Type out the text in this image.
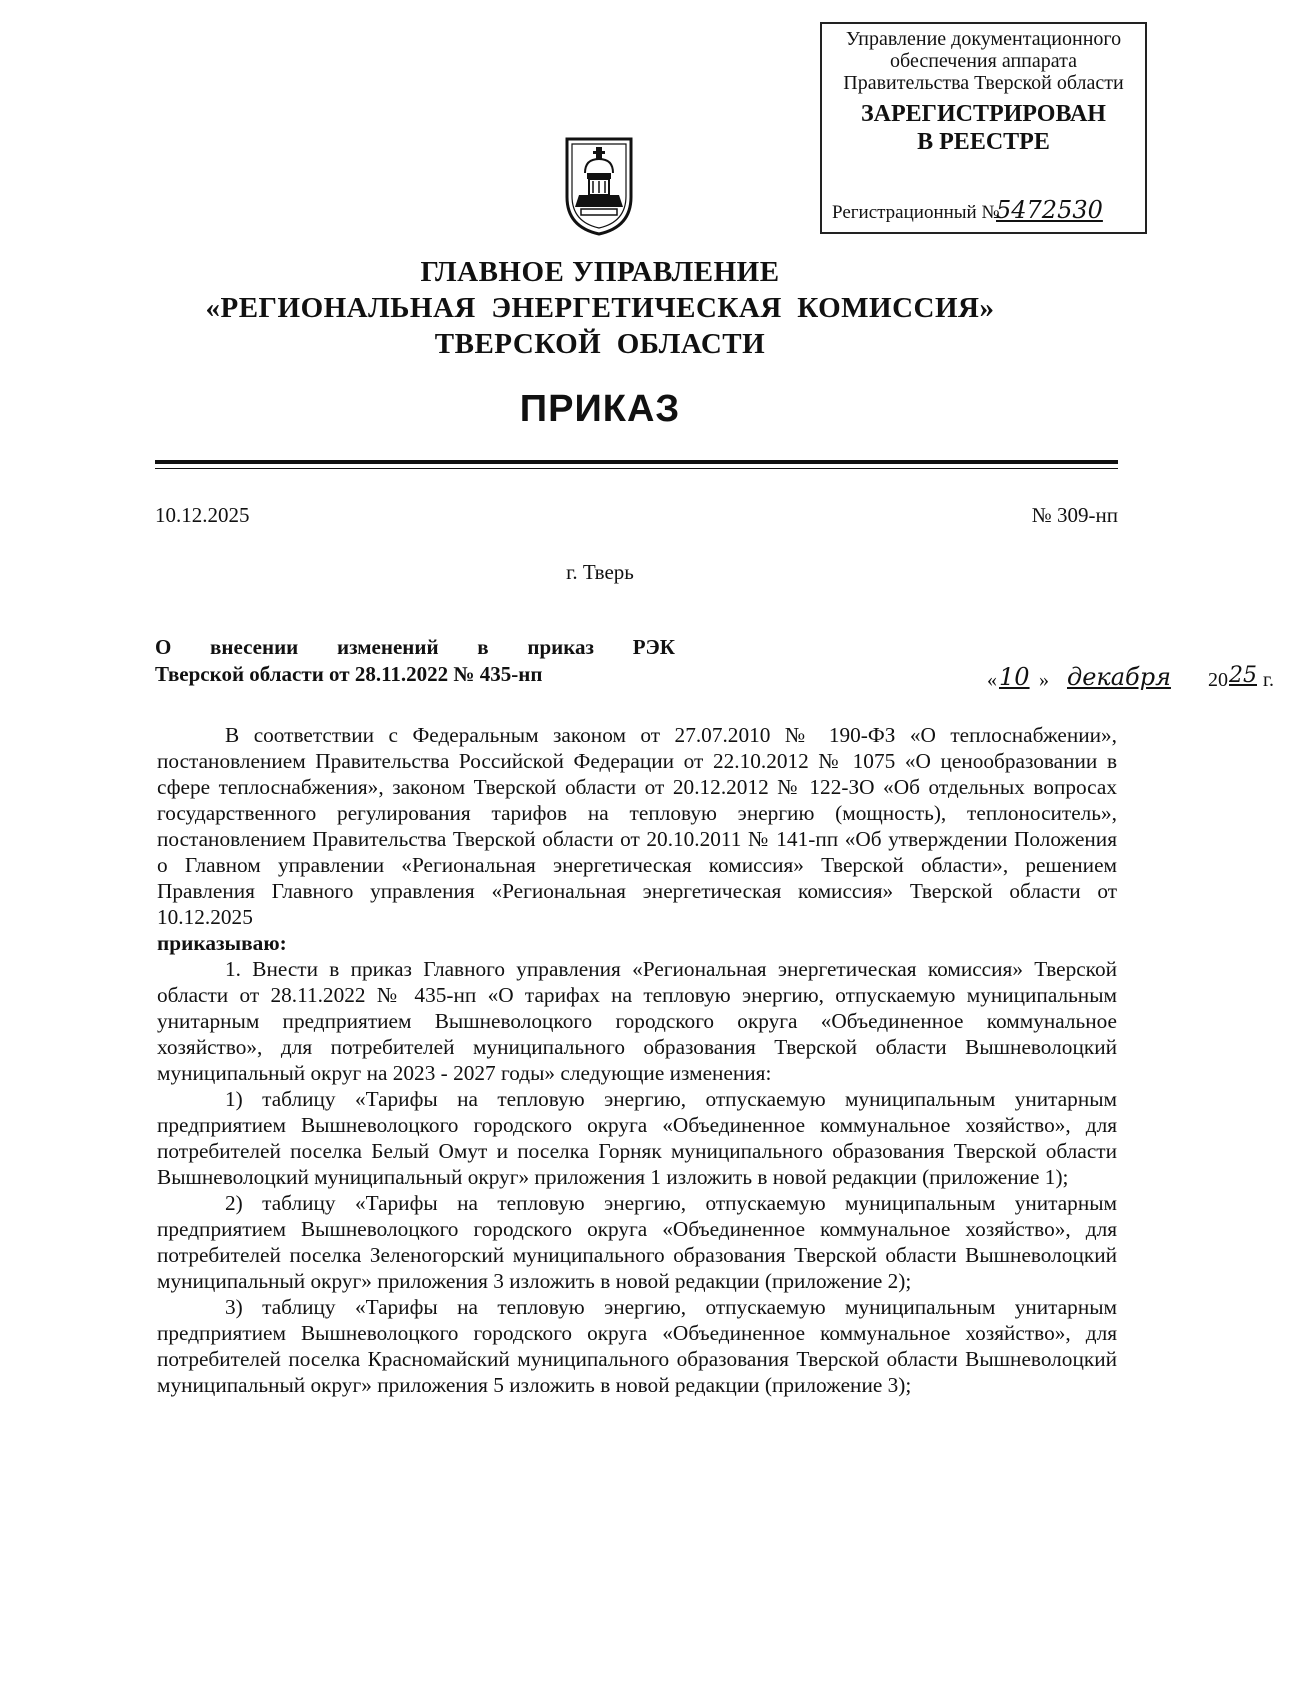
Управление документационного
обеспечения аппарата
Правительства Тверской области
ЗАРЕГИСТРИРОВАН
В РЕЕСТРЕ
« 10 » декабря 20 25 г.
Регистрационный №
5472530
ГЛАВНОЕ УПРАВЛЕНИЕ
«РЕГИОНАЛЬНАЯ  ЭНЕРГЕТИЧЕСКАЯ  КОМИССИЯ»
ТВЕРСКОЙ  ОБЛАСТИ
ПРИКАЗ
10.12.2025	№ 309-нп
г. Тверь
О внесении изменений в приказ РЭК
Тверской области от 28.11.2022 № 435-нп

В соответствии с Федеральным законом от 27.07.2010 № 190-ФЗ «О теплоснабжении», постановлением Правительства Российской Федерации от 22.10.2012 № 1075 «О ценообразовании в сфере теплоснабжения», законом Тверской области от 20.12.2012 № 122-ЗО «Об отдельных вопросах государственного регулирования тарифов на тепловую энергию (мощность), теплоноситель», постановлением Правительства Тверской области от 20.10.2011 № 141-пп «Об утверждении Положения о Главном управлении «Региональная энергетическая комиссия» Тверской области», решением Правления Главного управления «Региональная энергетическая комиссия» Тверской области от 10.12.2025

приказываю:

1. Внести в приказ Главного управления «Региональная энергетическая комиссия» Тверской области от 28.11.2022 № 435-нп «О тарифах на тепловую энергию, отпускаемую муниципальным унитарным предприятием Вышневолоцкого городского округа «Объединенное коммунальное хозяйство», для потребителей муниципального образования Тверской области Вышневолоцкий муниципальный округ на 2023 - 2027 годы» следующие изменения:

1) таблицу «Тарифы на тепловую энергию, отпускаемую муниципальным унитарным предприятием Вышневолоцкого городского округа «Объединенное коммунальное хозяйство», для потребителей поселка Белый Омут и поселка Горняк муниципального образования Тверской области Вышневолоцкий муниципальный округ» приложения 1 изложить в новой редакции (приложение 1);

2) таблицу «Тарифы на тепловую энергию, отпускаемую муниципальным унитарным предприятием Вышневолоцкого городского округа «Объединенное коммунальное хозяйство», для потребителей поселка Зеленогорский муниципального образования Тверской области Вышневолоцкий муниципальный округ» приложения 3 изложить в новой редакции (приложение 2);

3) таблицу «Тарифы на тепловую энергию, отпускаемую муниципальным унитарным предприятием Вышневолоцкого городского округа «Объединенное коммунальное хозяйство», для потребителей поселка Красномайский муниципального образования Тверской области Вышневолоцкий муниципальный округ» приложения 5 изложить в новой редакции (приложение 3);
